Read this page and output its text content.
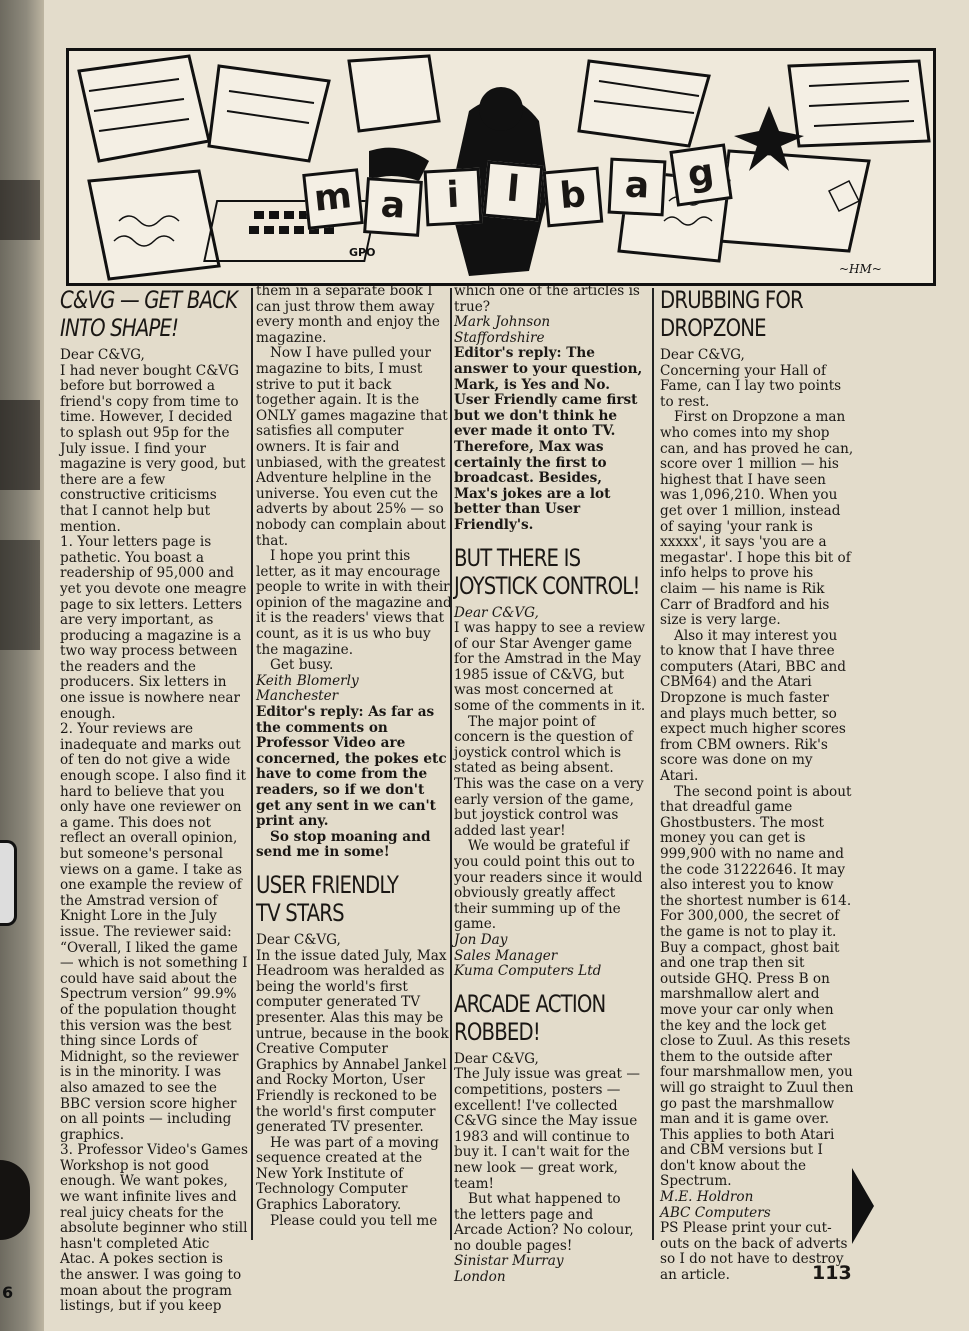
6
GPO
~HM~
m a	i	l	b	a g
C&VG — GET BACK
INTO SHAPE!

Dear C&VG,

I had never bought C&VG before but borrowed a friend's copy from time to time. However, I decided to splash out 95p for the July issue. I find your magazine is very good, but there are a few constructive criticisms that I cannot help but mention.

1. Your letters page is pathetic. You boast a readership of 95,000 and yet you devote one meagre page to six letters. Letters are very important, as producing a magazine is a two way process between the readers and the producers. Six letters in one issue is nowhere near enough.

2. Your reviews are inadequate and marks out of ten do not give a wide enough scope. I also find it hard to believe that you only have one reviewer on a game. This does not reflect an overall opinion, but someone's personal views on a game. I take as one example the review of the Amstrad version of Knight Lore in the July issue. The reviewer said: “Overall, I liked the game — which is not something I could have said about the Spectrum version” 99.9% of the population thought this version was the best thing since Lords of Midnight, so the reviewer is in the minority. I was also amazed to see the BBC version score higher on all points — including graphics.

3. Professor Video's Games Workshop is not good enough. We want pokes, we want infinite lives and real juicy cheats for the absolute beginner who still hasn't completed Atic Atac. A pokes section is the answer. I was going to moan about the program listings, but if you keep

them in a separate book I can just throw them away every month and enjoy the magazine.

Now I have pulled your magazine to bits, I must strive to put it back together again. It is the ONLY games magazine that satisfies all computer owners. It is fair and unbiased, with the greatest Adventure helpline in the universe. You even cut the adverts by about 25% — so nobody can complain about that.

I hope you print this letter, as it may encourage people to write in with their opinion of the magazine and it is the readers' views that count, as it is us who buy the magazine.

Get busy.

Keith Blomerly

Manchester

Editor's reply: As far as the comments on Professor Video are concerned, the pokes etc have to come from the readers, so if we don't get any sent in we can't print any.

So stop moaning and send me in some!

USER FRIENDLY
TV STARS

Dear C&VG,

In the issue dated July, Max Headroom was heralded as being the world's first computer generated TV presenter. Alas this may be untrue, because in the book Creative Computer Graphics by Annabel Jankel and Rocky Morton, User Friendly is reckoned to be the world's first computer generated TV presenter.

He was part of a moving sequence created at the New York Institute of Technology Computer Graphics Laboratory.

Please could you tell me

which one of the articles is true?

Mark Johnson

Staffordshire

Editor's reply: The answer to your question, Mark, is Yes and No. User Friendly came first but we don't think he ever made it onto TV. Therefore, Max was certainly the first to broadcast. Besides, Max's jokes are a lot better than User Friendly's.

BUT THERE IS
JOYSTICK CONTROL!

Dear C&VG,

I was happy to see a review of our Star Avenger game for the Amstrad in the May 1985 issue of C&VG, but was most concerned at some of the comments in it.

The major point of concern is the question of joystick control which is stated as being absent. This was the case on a very early version of the game, but joystick control was added last year!

We would be grateful if you could point this out to your readers since it would obviously greatly affect their summing up of the game.

Jon Day

Sales Manager

Kuma Computers Ltd

ARCADE ACTION
ROBBED!

Dear C&VG,

The July issue was great — competitions, posters — excellent! I've collected C&VG since the May issue 1983 and will continue to buy it. I can't wait for the new look — great work, team!

But what happened to the letters page and Arcade Action? No colour, no double pages!

Sinistar Murray

London

DRUBBING FOR
DROPZONE

Dear C&VG,

Concerning your Hall of Fame, can I lay two points to rest.

First on Dropzone a man who comes into my shop can, and has proved he can, score over 1 million — his highest that I have seen was 1,096,210. When you get over 1 million, instead of saying 'your rank is xxxxx', it says 'you are a megastar'. I hope this bit of info helps to prove his claim — his name is Rik Carr of Bradford and his size is very large.

Also it may interest you to know that I have three computers (Atari, BBC and CBM64) and the Atari Dropzone is much faster and plays much better, so expect much higher scores from CBM owners. Rik's score was done on my Atari.

The second point is about that dreadful game Ghostbusters. The most money you can get is 999,900 with no name and the code 31222646. It may also interest you to know the shortest number is 614. For 300,000, the secret of the game is not to play it. Buy a compact, ghost bait and one trap then sit outside GHQ. Press B on marshmallow alert and move your car only when the key and the lock get close to Zuul. As this resets them to the outside after four marshmallow men, you will go straight to Zuul then go past the marshmallow man and it is game over. This applies to both Atari and CBM versions but I don't know about the Spectrum.

M.E. Holdron

ABC Computers

PS Please print your cut-outs on the back of adverts so I do not have to destroy an article.	113
